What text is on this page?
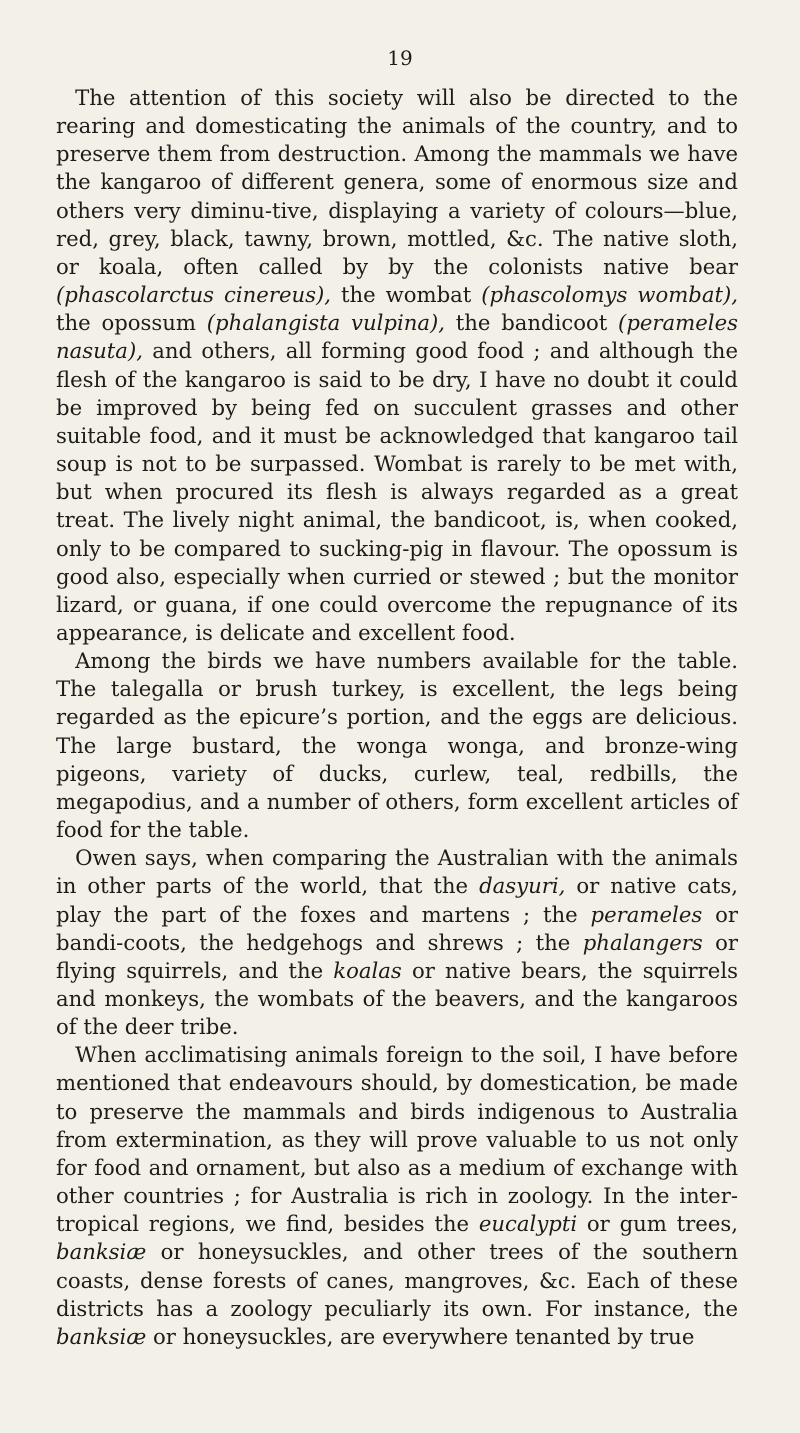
19

The attention of this society will also be directed to the rearing and domesticating the animals of the country, and to preserve them from destruction. Among the mammals we have the kangaroo of different genera, some of enormous size and others very diminu-tive, displaying a variety of colours—blue, red, grey, black, tawny, brown, mottled, &c. The native sloth, or koala, often called by by the colonists native bear (phascolarctus cinereus), the wombat (phascolomys wombat), the opossum (phalangista vulpina), the bandicoot (perameles nasuta), and others, all forming good food ; and although the flesh of the kangaroo is said to be dry, I have no doubt it could be improved by being fed on succulent grasses and other suitable food, and it must be acknowledged that kangaroo tail soup is not to be surpassed. Wombat is rarely to be met with, but when procured its flesh is always regarded as a great treat. The lively night animal, the bandicoot, is, when cooked, only to be compared to sucking-pig in flavour. The opossum is good also, especially when curried or stewed ; but the monitor lizard, or guana, if one could overcome the repugnance of its appearance, is delicate and excellent food.

Among the birds we have numbers available for the table. The talegalla or brush turkey, is excellent, the legs being regarded as the epicure’s portion, and the eggs are delicious. The large bustard, the wonga wonga, and bronze-wing pigeons, variety of ducks, curlew, teal, redbills, the megapodius, and a number of others, form excellent articles of food for the table.

Owen says, when comparing the Australian with the animals in other parts of the world, that the dasyuri, or native cats, play the part of the foxes and martens ; the perameles or bandi-coots, the hedgehogs and shrews ; the phalangers or flying squirrels, and the koalas or native bears, the squirrels and monkeys, the wombats of the beavers, and the kangaroos of the deer tribe.

When acclimatising animals foreign to the soil, I have before mentioned that endeavours should, by domestication, be made to preserve the mammals and birds indigenous to Australia from extermination, as they will prove valuable to us not only for food and ornament, but also as a medium of exchange with other countries ; for Australia is rich in zoology. In the inter-tropical regions, we find, besides the eucalypti or gum trees, banksiæ or honeysuckles, and other trees of the southern coasts, dense forests of canes, mangroves, &c. Each of these districts has a zoology peculiarly its own. For instance, the banksiæ or honeysuckles, are everywhere tenanted by true
